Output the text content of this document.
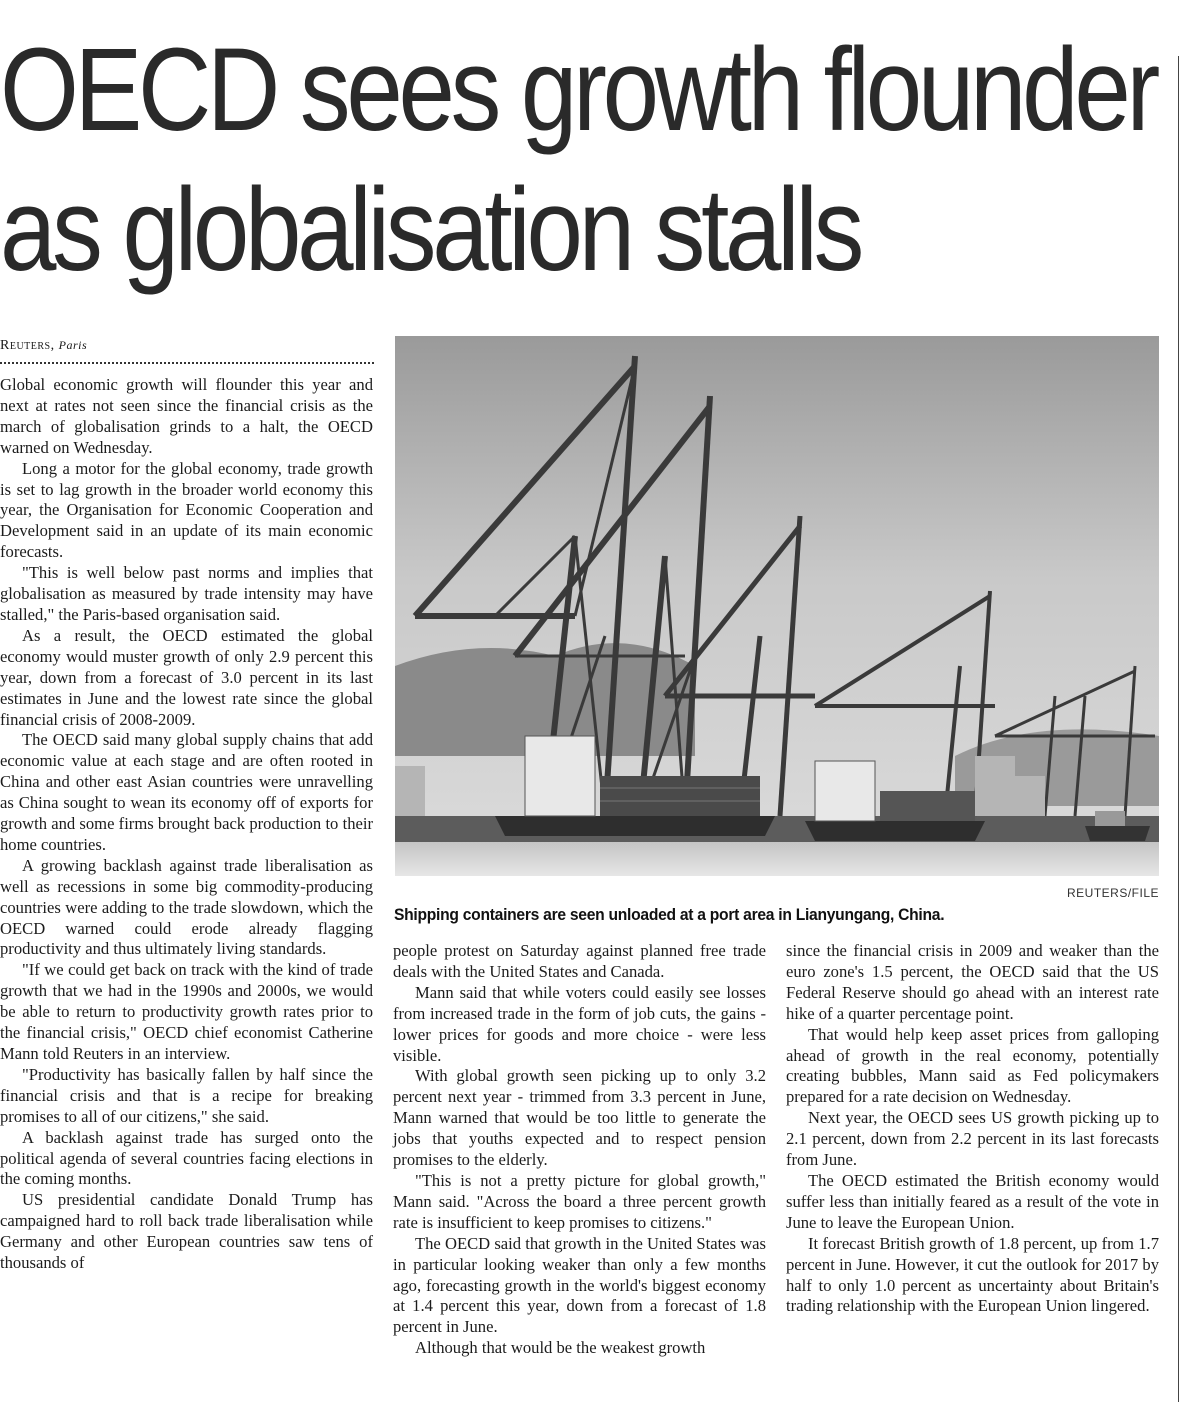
OECD sees growth flounder
as globalisation stalls
Reuters, Paris

Global economic growth will flounder this year and next at rates not seen since the financial crisis as the march of globalisation grinds to a halt, the OECD warned on Wednesday.

Long a motor for the global economy, trade growth is set to lag growth in the broader world economy this year, the Organisation for Economic Cooperation and Development said in an update of its main economic forecasts.

"This is well below past norms and implies that globalisation as measured by trade intensity may have stalled," the Paris-based organisation said.

As a result, the OECD estimated the global economy would muster growth of only 2.9 percent this year, down from a forecast of 3.0 percent in its last estimates in June and the lowest rate since the global financial crisis of 2008-2009.

The OECD said many global supply chains that add economic value at each stage and are often rooted in China and other east Asian countries were unravelling as China sought to wean its economy off of exports for growth and some firms brought back production to their home countries.

A growing backlash against trade liberalisation as well as recessions in some big commodity-producing countries were adding to the trade slowdown, which the OECD warned could erode already flagging productivity and thus ultimately living standards.

"If we could get back on track with the kind of trade growth that we had in the 1990s and 2000s, we would be able to return to productivity growth rates prior to the financial crisis," OECD chief economist Catherine Mann told Reuters in an interview.

"Productivity has basically fallen by half since the financial crisis and that is a recipe for breaking promises to all of our citizens," she said.

A backlash against trade has surged onto the political agenda of several countries facing elections in the coming months.

US presidential candidate Donald Trump has campaigned hard to roll back trade liberalisation while Germany and other European countries saw tens of thousands of

REUTERS/FILE
Shipping containers are seen unloaded at a port area in Lianyungang, China.

people protest on Saturday against planned free trade deals with the United States and Canada.

Mann said that while voters could easily see losses from increased trade in the form of job cuts, the gains - lower prices for goods and more choice - were less visible.

With global growth seen picking up to only 3.2 percent next year - trimmed from 3.3 percent in June, Mann warned that would be too little to generate the jobs that youths expected and to respect pension promises to the elderly.

"This is not a pretty picture for global growth," Mann said. "Across the board a three percent growth rate is insufficient to keep promises to citizens."

The OECD said that growth in the United States was in particular looking weaker than only a few months ago, forecasting growth in the world's biggest economy at 1.4 percent this year, down from a forecast of 1.8 percent in June.

Although that would be the weakest growth

since the financial crisis in 2009 and weaker than the euro zone's 1.5 percent, the OECD said that the US Federal Reserve should go ahead with an interest rate hike of a quarter percentage point.

That would help keep asset prices from galloping ahead of growth in the real economy, potentially creating bubbles, Mann said as Fed policymakers prepared for a rate decision on Wednesday.

Next year, the OECD sees US growth picking up to 2.1 percent, down from 2.2 percent in its last forecasts from June.

The OECD estimated the British economy would suffer less than initially feared as a result of the vote in June to leave the European Union.

It forecast British growth of 1.8 percent, up from 1.7 percent in June. However, it cut the outlook for 2017 by half to only 1.0 percent as uncertainty about Britain's trading relationship with the European Union lingered.
